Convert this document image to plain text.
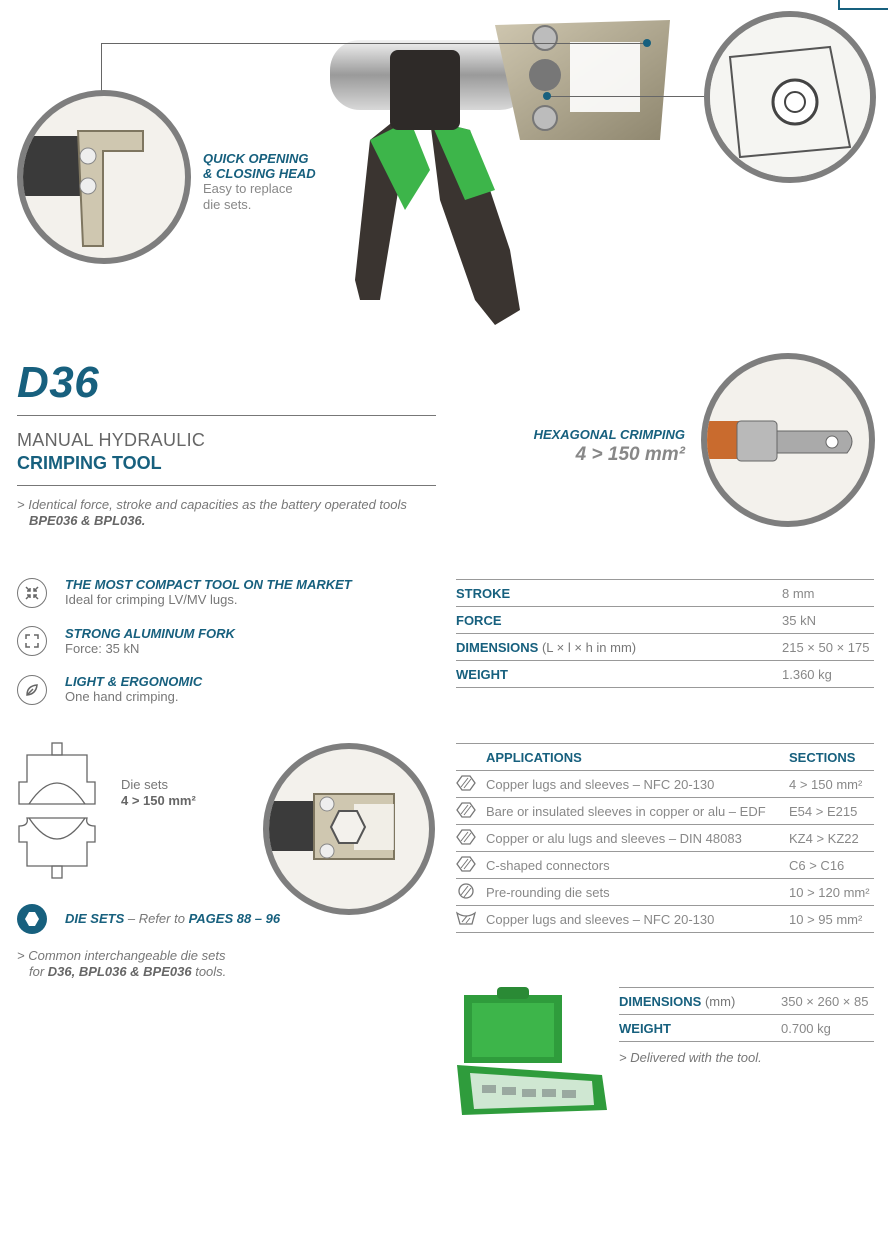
QUICK OPENING
& CLOSING HEAD
Easy to replace
die sets.
D36
MANUAL HYDRAULIC
CRIMPING TOOL
> Identical force, stroke and capacities as the battery operated tools
BPE036 & BPL036.
HEXAGONAL CRIMPING
4 > 150 mm²
THE MOST COMPACT TOOL ON THE MARKET
Ideal for crimping LV/MV lugs.
STRONG ALUMINUM FORK
Force: 35 kN
LIGHT & ERGONOMIC
One hand crimping.
STROKE	8 mm
FORCE	35 kN
DIMENSIONS (L × l × h in mm)	215 × 50 × 175
WEIGHT	1.360 kg
Die sets
4 > 150 mm²
DIE SETS – Refer to PAGES 88 – 96
> Common interchangeable die sets
for D36, BPL036 & BPE036 tools.
	APPLICATIONS	SECTIONS
	Copper lugs and sleeves – NFC 20-130	4 > 150 mm²
	Bare or insulated sleeves in copper or alu – EDF	E54 > E215
	Copper or alu lugs and sleeves – DIN 48083	KZ4 > KZ22
	C-shaped connectors	C6 > C16
	Pre-rounding die sets	10 > 120 mm²
	Copper lugs and sleeves – NFC 20-130	10 > 95 mm²
DIMENSIONS (mm)	350 × 260 × 85
WEIGHT	0.700 kg
> Delivered with the tool.
